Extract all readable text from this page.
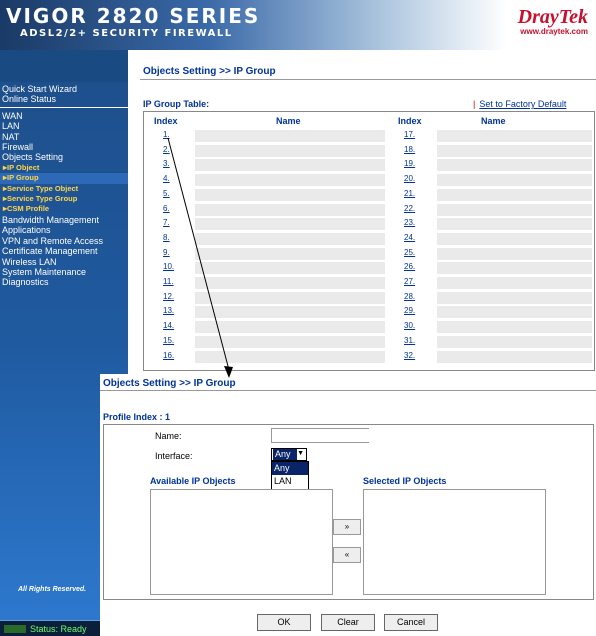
VIGOR 2820 SERIES
ADSL2/2+ SECURITY FIREWALL
DrayTek
www.draytek.com
Quick Start Wizard
Online Status
WAN
LAN
NAT
Firewall
Objects Setting
▸ IP Object
▸ IP Group
▸ Service Type Object
▸ Service Type Group
▸ CSM Profile
Bandwidth Management
Applications
VPN and Remote Access
Certificate Management
Wireless LAN
System Maintenance
Diagnostics
All Rights Reserved.
Status: Ready
Objects Setting >> IP Group
IP Group Table:	| Set to Factory Default
Index	Name	Index	Name
1.	17.
2.	18.
3.	19.
4.	20.
5.	21.
6.	22.
7.	23.
8.	24.
9.	25.
10.	26.
11.	27.
12.	28.
13.	29.
14.	30.
15.	31.
16.	32.
Objects Setting >> IP Group
Profile Index : 1
Name:
Interface:	Any ▼
Any
LAN
Available IP Objects	Selected IP Objects
»
«
OK	Clear	Cancel
